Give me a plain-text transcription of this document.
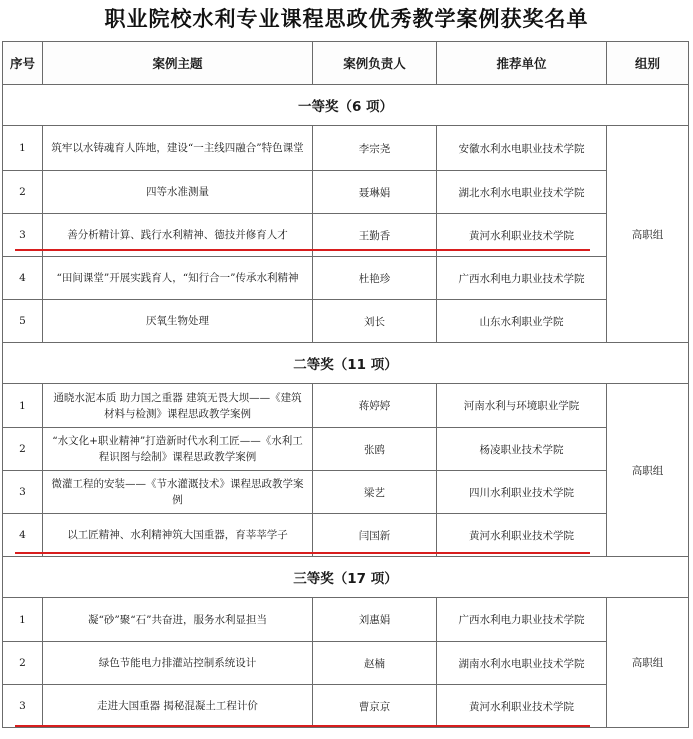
职业院校水利专业课程思政优秀教学案例获奖名单
序号	案例主题	案例负责人	推荐单位	组别
一等奖（6 项）				
1	筑牢以水铸魂育人阵地，建设“一主线四融合”特色课堂	李宗尧	安徽水利水电职业技术学院	高职组
2	四等水准测量	聂琳娟	湖北水利水电职业技术学院	
3	善分析精计算、践行水利精神、德技并修育人才	王勤香	黄河水利职业技术学院	
4	“田间课堂”开展实践育人，“知行合一”传承水利精神	杜艳珍	广西水利电力职业技术学院	
5	厌氧生物处理	刘长	山东水利职业学院	
二等奖（11 项）				
1	通晓水泥本质 助力国之重器 建筑无畏大坝——《建筑材料与检测》课程思政教学案例	蒋婷婷	河南水利与环境职业学院	高职组
2	“水文化+职业精神”打造新时代水利工匠——《水利工程识图与绘制》课程思政教学案例	张鸥	杨凌职业技术学院	
3	微灌工程的安装——《节水灌溉技术》课程思政教学案例	梁艺	四川水利职业技术学院	
4	以工匠精神、水利精神筑大国重器，育莘莘学子	闫国新	黄河水利职业技术学院	
三等奖（17 项）				
1	凝“砂”聚“石”共奋进，服务水利显担当	刘惠娟	广西水利电力职业技术学院	高职组
2	绿色节能电力排灌站控制系统设计	赵楠	湖南水利水电职业技术学院	
3	走进大国重器 揭秘混凝土工程计价	曹京京	黄河水利职业技术学院	
